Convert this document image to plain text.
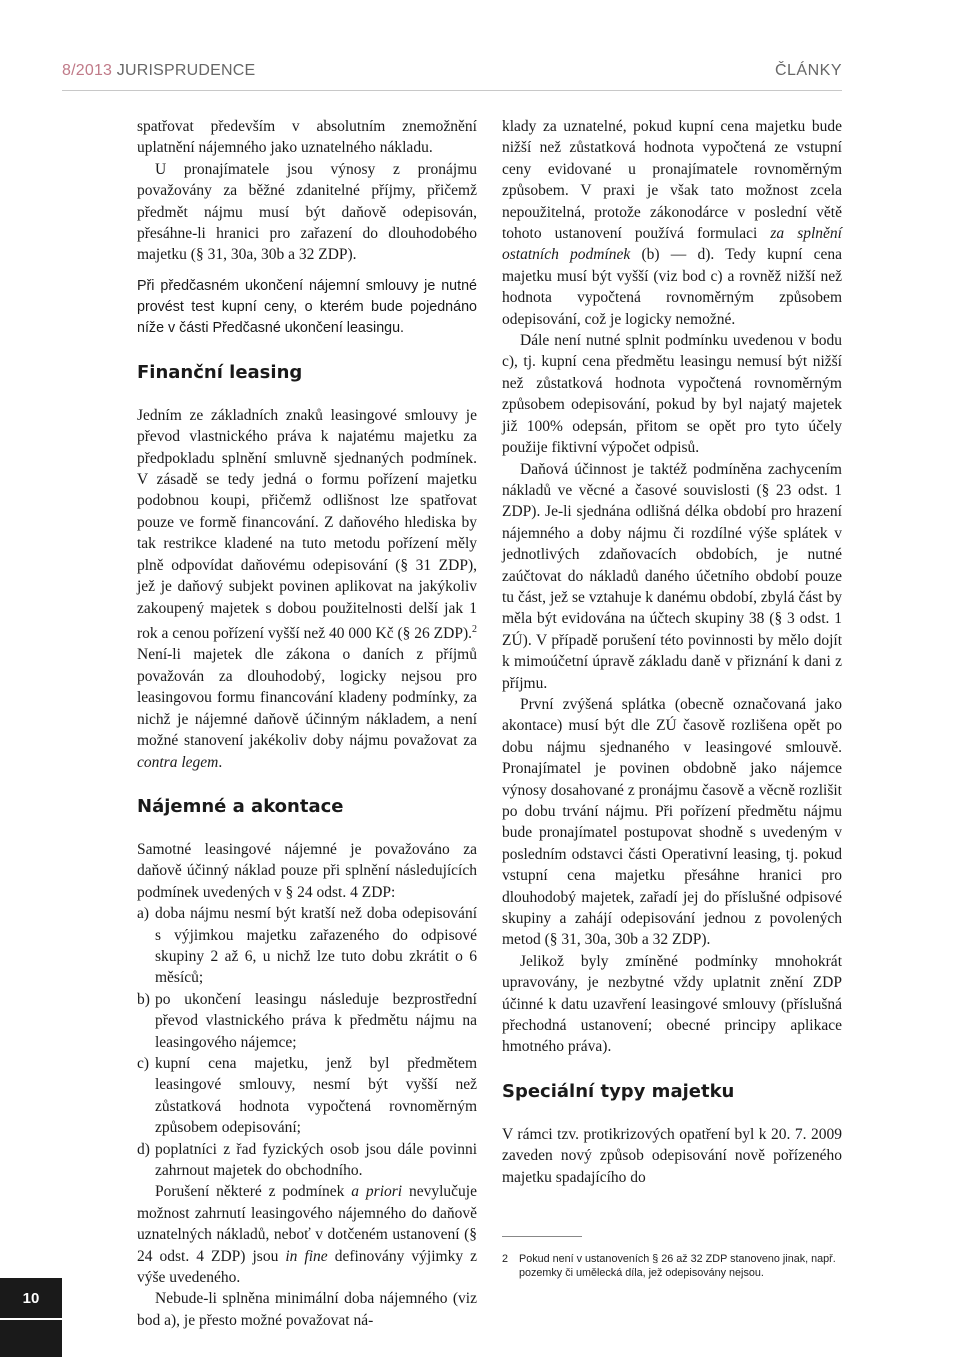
8/2013 JURISPRUDENCE	ČLÁNKY

spatřovat především v absolutním znemožnění uplatnění nájemného jako uznatelného nákladu.

U pronajímatele jsou výnosy z pronájmu považovány za běžné zdanitelné příjmy, přičemž předmět nájmu musí být daňově odepisován, přesáhne-li hranici pro zařazení do dlouhodobého majetku (§ 31, 30a, 30b a 32 ZDP).

Při předčasném ukončení nájemní smlouvy je nutné provést test kupní ceny, o kterém bude pojednáno níže v části Předčasné ukončení leasingu.

Finanční leasing

Jedním ze základních znaků leasingové smlouvy je převod vlastnického práva k najatému majetku za předpokladu splnění smluvně sjednaných podmínek. V zásadě se tedy jedná o formu pořízení majetku podobnou koupi, přičemž odlišnost lze spatřovat pouze ve formě financování. Z daňového hlediska by tak restrikce kladené na tuto metodu pořízení měly plně odpovídat daňovému odepisování (§ 31 ZDP), jež je daňový subjekt povinen aplikovat na jakýkoliv zakoupený majetek s dobou použitelnosti delší jak 1 rok a cenou pořízení vyšší než 40 000 Kč (§ 26 ZDP).$^2$ Není-li majetek dle zákona o daních z příjmů považován za dlouhodobý, logicky nejsou pro leasingovou formu financování kladeny podmínky, za nichž je nájemné daňově účinným nákladem, a není možné stanovení jakékoliv doby nájmu považovat za contra legem.

Nájemné a akontace

Samotné leasingové nájemné je považováno za daňově účinný náklad pouze při splnění následujících podmínek uvedených v § 24 odst. 4 ZDP:

a) doba nájmu nesmí být kratší než doba odepisování s výjimkou majetku zařazeného do odpisové skupiny 2 až 6, u nichž lze tuto dobu zkrátit o 6 měsíců;
b) po ukončení leasingu následuje bezprostřední převod vlastnického práva k předmětu nájmu na leasingového nájemce;
c) kupní cena majetku, jenž byl předmětem leasingové smlouvy, nesmí být vyšší než zůstatková hodnota vypočtená rovnoměrným způsobem odepisování;
d) poplatníci z řad fyzických osob jsou dále povinni zahrnout majetek do obchodního.

Porušení některé z podmínek a priori nevylučuje možnost zahrnutí leasingového nájemného do daňově uznatelných nákladů, neboť v dotčeném ustanovení (§ 24 odst. 4 ZDP) jsou in fine definovány výjimky z výše uvedeného.

Nebude-li splněna minimální doba nájemného (viz bod a), je přesto možné považovat ná-

klady za uznatelné, pokud kupní cena majetku bude nižší než zůstatková hodnota vypočtená ze vstupní ceny evidované u pronajímatele rovnoměrným způsobem. V praxi je však tato možnost zcela nepoužitelná, protože zákonodárce v poslední větě tohoto ustanovení používá formulaci za splnění ostatních podmínek (b) — d). Tedy kupní cena majetku musí být vyšší (viz bod c) a rovněž nižší než hodnota vypočtená rovnoměrným způsobem odepisování, což je logicky nemožné.

Dále není nutné splnit podmínku uvedenou v bodu c), tj. kupní cena předmětu leasingu nemusí být nižší než zůstatková hodnota vypočtená rovnoměrným způsobem odepisování, pokud by byl najatý majetek již 100% odepsán, přitom se opět pro tyto účely použije fiktivní výpočet odpisů.

Daňová účinnost je taktéž podmíněna zachycením nákladů ve věcné a časové souvislosti (§ 23 odst. 1 ZDP). Je-li sjednána odlišná délka období pro hrazení nájemného a doby nájmu či rozdílné výše splátek v jednotlivých zdaňovacích obdobích, je nutné zaúčtovat do nákladů daného účetního období pouze tu část, jež se vztahuje k danému období, zbylá část by měla být evidována na účtech skupiny 38 (§ 3 odst. 1 ZÚ). V případě porušení této povinnosti by mělo dojít k mimoúčetní úpravě základu daně v přiznání k dani z příjmu.

První zvýšená splátka (obecně označovaná jako akontace) musí být dle ZÚ časově rozlišena opět po dobu nájmu sjednaného v leasingové smlouvě. Pronajímatel je povinen obdobně jako nájemce výnosy dosahované z pronájmu časově a věcně rozlišit po dobu trvání nájmu. Při pořízení předmětu nájmu bude pronajímatel postupovat shodně s uvedeným v posledním odstavci části Operativní leasing, tj. pokud vstupní cena majetku přesáhne hranici pro dlouhodobý majetek, zařadí jej do příslušné odpisové skupiny a zahájí odepisování jednou z povolených metod (§ 31, 30a, 30b a 32 ZDP).

Jelikož byly zmíněné podmínky mnohokrát upravovány, je nezbytné vždy uplatnit znění ZDP účinné k datu uzavření leasingové smlouvy (příslušná přechodná ustanovení; obecné principy aplikace hmotného práva).

Speciální typy majetku

V rámci tzv. protikrizových opatření byl k 20. 7. 2009 zaveden nový způsob odepisování nově pořízeného majetku spadajícího do

2	Pokud není v ustanoveních § 26 až 32 ZDP stanoveno jinak, např. pozemky či umělecká díla, jež odepisovány nejsou.
10
